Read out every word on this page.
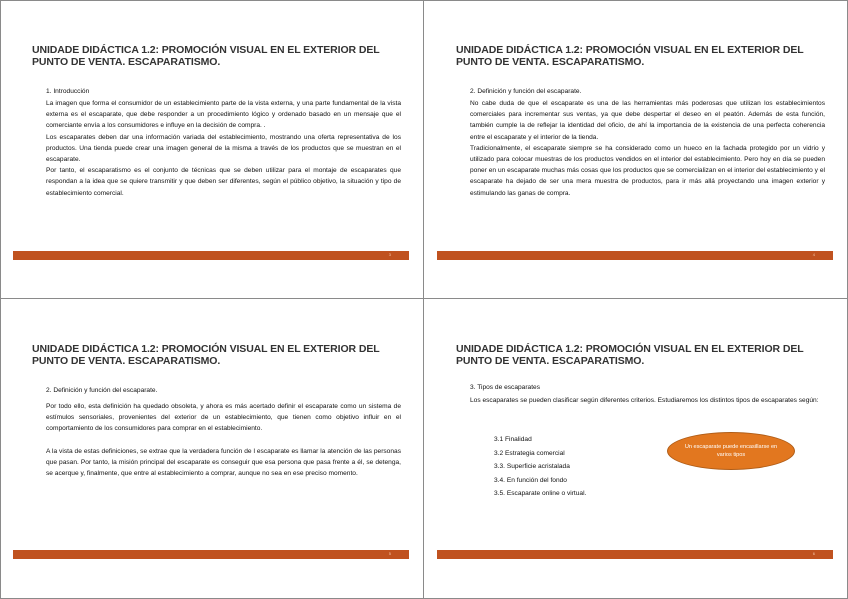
UNIDADE DIDÁCTICA 1.2: PROMOCIÓN VISUAL EN EL EXTERIOR DEL PUNTO DE VENTA. ESCAPARATISMO.
1. Introducción

La imagen que forma el consumidor de un establecimiento parte de la vista externa, y una parte fundamental de la vista externa es el escaparate, que debe responder a un procedimiento lógico y ordenado basado en un mensaje que el comerciante envía a los consumidores e influye en la decisión de compra. .

Los escaparates deben dar una información variada del establecimiento, mostrando una oferta representativa de los productos. Una tienda puede crear una imagen general de la misma a través de los productos que se muestran en el escaparate.

Por tanto, el escaparatismo es el conjunto de técnicas que se deben utilizar para el montaje de escaparates que respondan a la idea que se quiere transmitir y que deben ser diferentes, según el público objetivo, la situación y tipo de establecimiento comercial.

3
UNIDADE DIDÁCTICA 1.2: PROMOCIÓN VISUAL EN EL EXTERIOR DEL PUNTO DE VENTA. ESCAPARATISMO.
2. Definición y función del escaparate.

No cabe duda de que el escaparate es una de las herramientas más poderosas que utilizan los establecimientos comerciales para incrementar sus ventas, ya que debe despertar el deseo en el peatón. Además de esta función, también cumple la de reflejar la identidad del oficio, de ahí la importancia de la existencia de una perfecta coherencia entre el escaparate y el interior de la tienda.

Tradicionalmente, el escaparate siempre se ha considerado como un hueco en la fachada protegido por un vidrio y utilizado para colocar muestras de los productos vendidos en el interior del establecimiento. Pero hoy en día se pueden poner en un escaparate muchas más cosas que los productos que se comercializan en el interior del establecimiento y el escaparate ha dejado de ser una mera muestra de productos, para ir más allá proyectando una imagen exterior y estimulando las ganas de compra.

4
UNIDADE DIDÁCTICA 1.2: PROMOCIÓN VISUAL EN EL EXTERIOR DEL PUNTO DE VENTA. ESCAPARATISMO.
2. Definición y función del escaparate.

Por todo ello, esta definición ha quedado obsoleta, y ahora es más acertado definir el escaparate como un sistema de estímulos sensoriales, provenientes del exterior de un establecimiento, que tienen como objetivo influir en el comportamiento de los consumidores para comprar en el establecimiento.

A la vista de estas definiciones, se extrae que la verdadera función de l escaparate es llamar la atención de las personas que pasan. Por tanto, la misión principal del escaparate es conseguir que esa persona que pasa frente a él, se detenga, se acerque y, finalmente, que entre al establecimiento a comprar, aunque no sea en ese preciso momento.

5
UNIDADE DIDÁCTICA 1.2: PROMOCIÓN VISUAL EN EL EXTERIOR DEL PUNTO DE VENTA. ESCAPARATISMO.
3. Tipos de escaparates

Los escaparates se pueden clasificar según diferentes criterios. Estudiaremos los distintos tipos de escaparates según:

3.1 Finalidad
3.2 Estrategia comercial
3.3. Superficie acristalada
3.4. En función del fondo
3.5. Escaparate online o virtual.
Un escaparate puede encasillarse en varios tipos
6
